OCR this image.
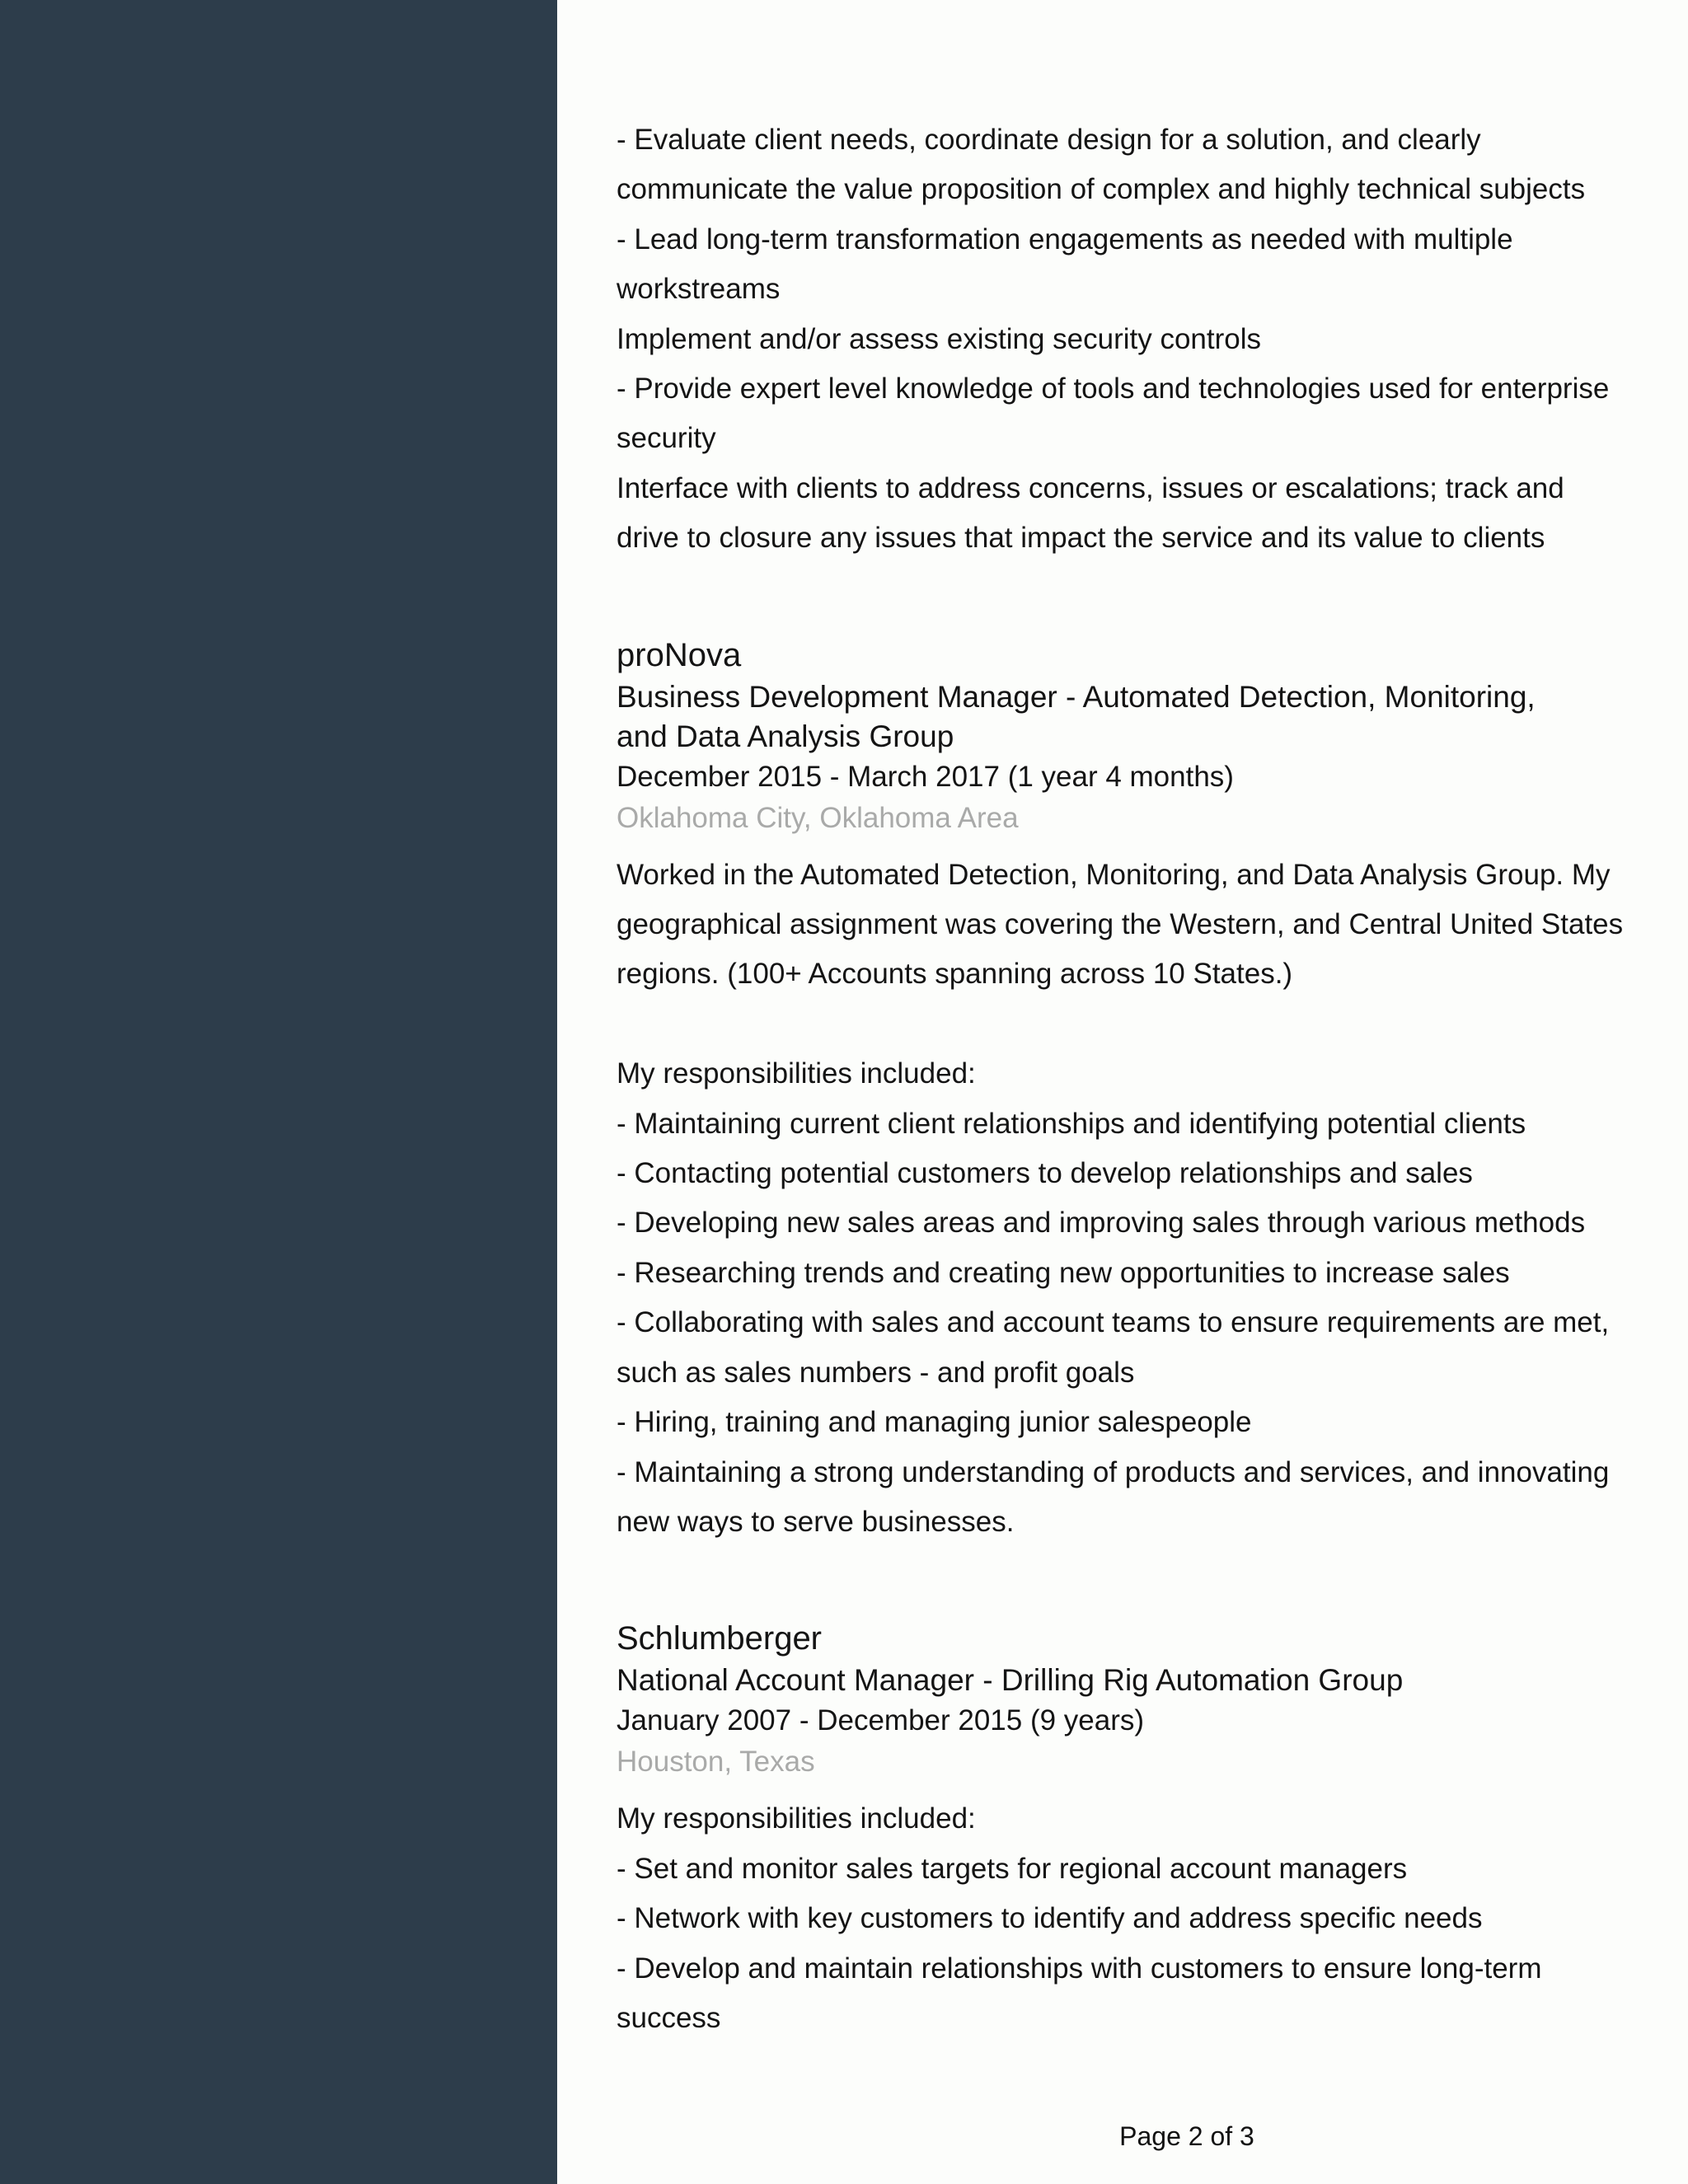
- Evaluate client needs, coordinate design for a solution, and clearly
communicate the value proposition of complex and highly technical subjects
- Lead long-term transformation engagements as needed with multiple
workstreams
Implement and/or assess existing security controls
- Provide expert level knowledge of tools and technologies used for enterprise
security
Interface with clients to address concerns, issues or escalations; track and
drive to closure any issues that impact the service and its value to clients
proNova
Business Development Manager - Automated Detection, Monitoring,
and Data Analysis Group
December 2015 - March 2017 (1 year 4 months)
Oklahoma City, Oklahoma Area
Worked in the Automated Detection, Monitoring, and Data Analysis Group. My
geographical assignment was covering the Western, and Central United States
regions. (100+ Accounts spanning across 10 States.)
My responsibilities included:
- Maintaining current client relationships and identifying potential clients
- Contacting potential customers to develop relationships and sales
- Developing new sales areas and improving sales through various methods
- Researching trends and creating new opportunities to increase sales
- Collaborating with sales and account teams to ensure requirements are met,
such as sales numbers - and profit goals
- Hiring, training and managing junior salespeople
- Maintaining a strong understanding of products and services, and innovating
new ways to serve businesses.
Schlumberger
National Account Manager - Drilling Rig Automation Group
January 2007 - December 2015 (9 years)
Houston, Texas
My responsibilities included:
- Set and monitor sales targets for regional account managers
- Network with key customers to identify and address specific needs
- Develop and maintain relationships with customers to ensure long-term
success
Page 2 of 3
